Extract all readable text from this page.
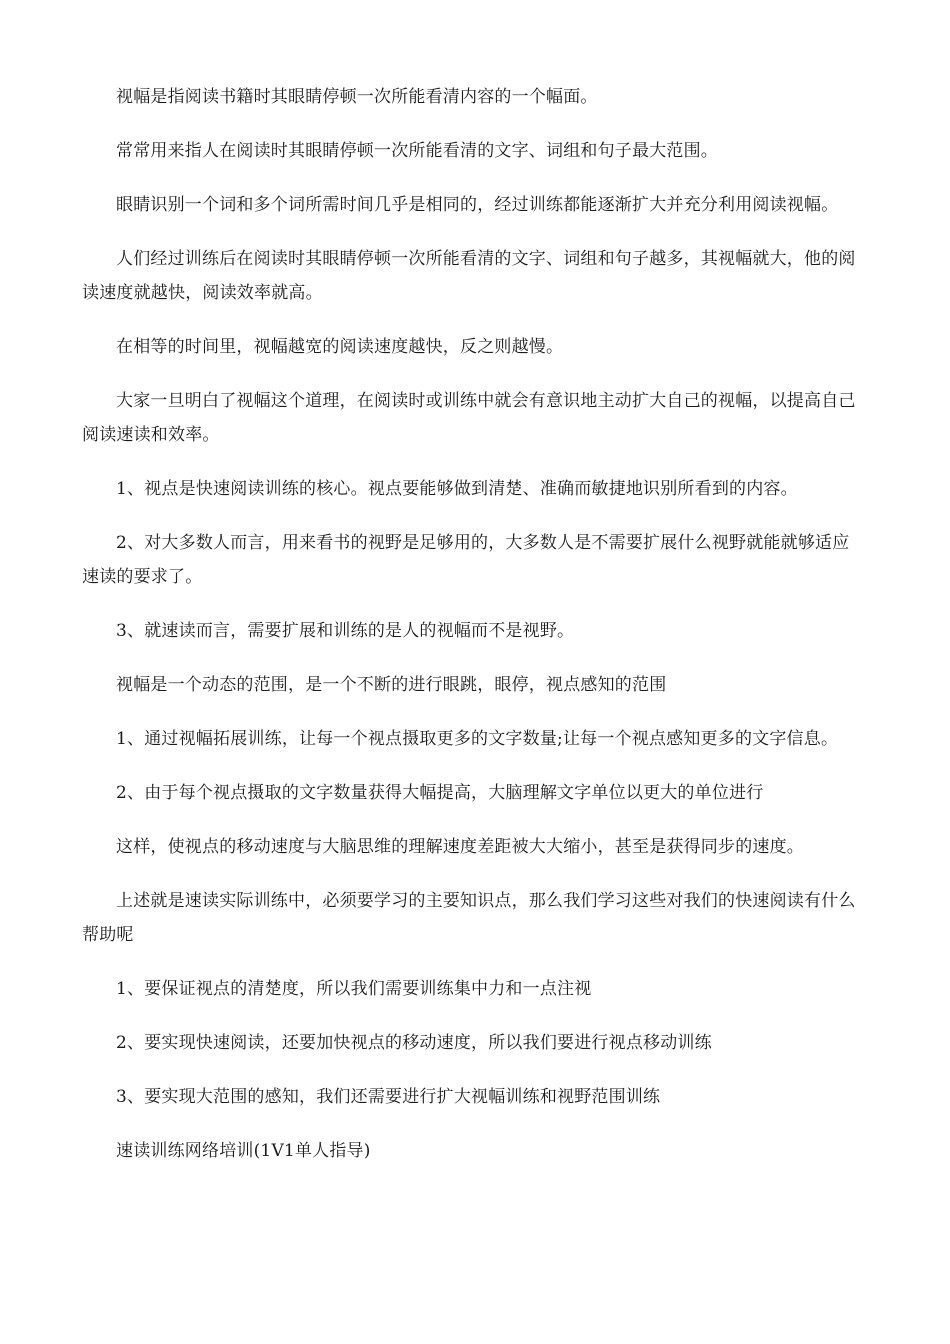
视幅是指阅读书籍时其眼睛停顿一次所能看清内容的一个幅面。

常常用来指人在阅读时其眼睛停顿一次所能看清的文字、词组和句子最大范围。

眼睛识别一个词和多个词所需时间几乎是相同的，经过训练都能逐渐扩大并充分利用阅读视幅。

人们经过训练后在阅读时其眼睛停顿一次所能看清的文字、词组和句子越多，其视幅就大，他的阅读速度就越快，阅读效率就高。

在相等的时间里，视幅越宽的阅读速度越快，反之则越慢。

大家一旦明白了视幅这个道理，在阅读时或训练中就会有意识地主动扩大自己的视幅，以提高自己阅读速读和效率。

1、视点是快速阅读训练的核心。视点要能够做到清楚、准确而敏捷地识别所看到的内容。

2、对大多数人而言，用来看书的视野是足够用的，大多数人是不需要扩展什么视野就能就够适应速读的要求了。

3、就速读而言，需要扩展和训练的是人的视幅而不是视野。

视幅是一个动态的范围，是一个不断的进行眼跳，眼停，视点感知的范围

1、通过视幅拓展训练，让每一个视点摄取更多的文字数量;让每一个视点感知更多的文字信息。

2、由于每个视点摄取的文字数量获得大幅提高，大脑理解文字单位以更大的单位进行

这样，使视点的移动速度与大脑思维的理解速度差距被大大缩小，甚至是获得同步的速度。

上述就是速读实际训练中，必须要学习的主要知识点，那么我们学习这些对我们的快速阅读有什么帮助呢

1、要保证视点的清楚度，所以我们需要训练集中力和一点注视

2、要实现快速阅读，还要加快视点的移动速度，所以我们要进行视点移动训练

3、要实现大范围的感知，我们还需要进行扩大视幅训练和视野范围训练

速读训练网络培训(1V1单人指导)
